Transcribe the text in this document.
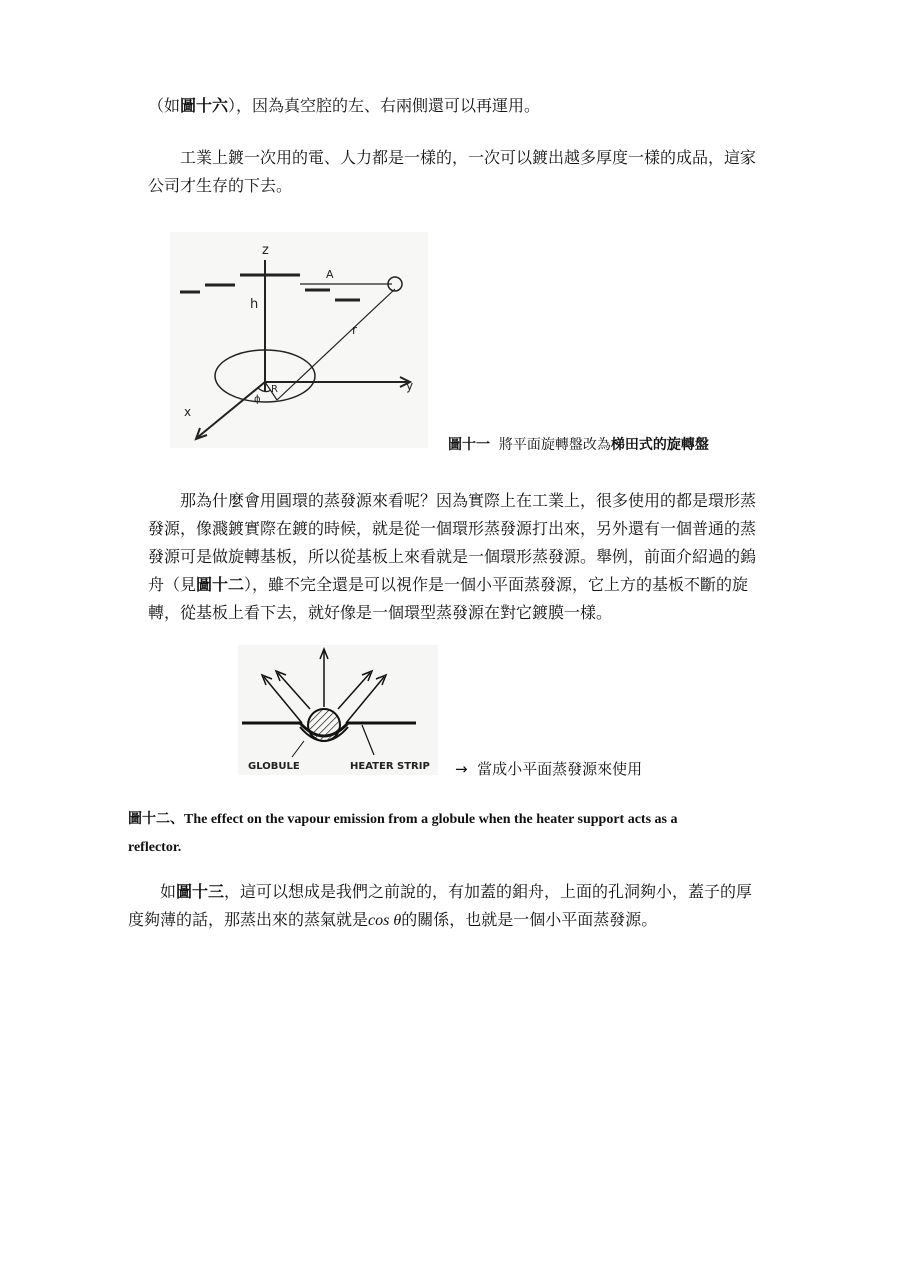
（如圖十六），因為真空腔的左、右兩側還可以再運用。

工業上鍍一次用的電、人力都是一樣的，一次可以鍍出越多厚度一樣的成品，這家
公司才生存的下去。
z
h
A
r
y
x
R
ϕ
圖十一 將平面旋轉盤改為梯田式的旋轉盤
那為什麼會用圓環的蒸發源來看呢？因為實際上在工業上，很多使用的都是環形蒸
發源，像濺鍍實際在鍍的時候，就是從一個環形蒸發源打出來，另外還有一個普通的蒸
發源可是做旋轉基板，所以從基板上來看就是一個環形蒸發源。舉例，前面介紹過的鎢
舟（見圖十二），雖不完全還是可以視作是一個小平面蒸發源，它上方的基板不斷的旋
轉，從基板上看下去，就好像是一個環型蒸發源在對它鍍膜一樣。
GLOBULE	HEATER STRIP → 當成小平面蒸發源來使用
圖十二、The effect on the vapour emission from a globule when the heater support acts as a
reflector.
如圖十三，這可以想成是我們之前說的，有加蓋的鉬舟，上面的孔洞夠小，蓋子的厚
度夠薄的話，那蒸出來的蒸氣就是cos θ的關係，也就是一個小平面蒸發源。
